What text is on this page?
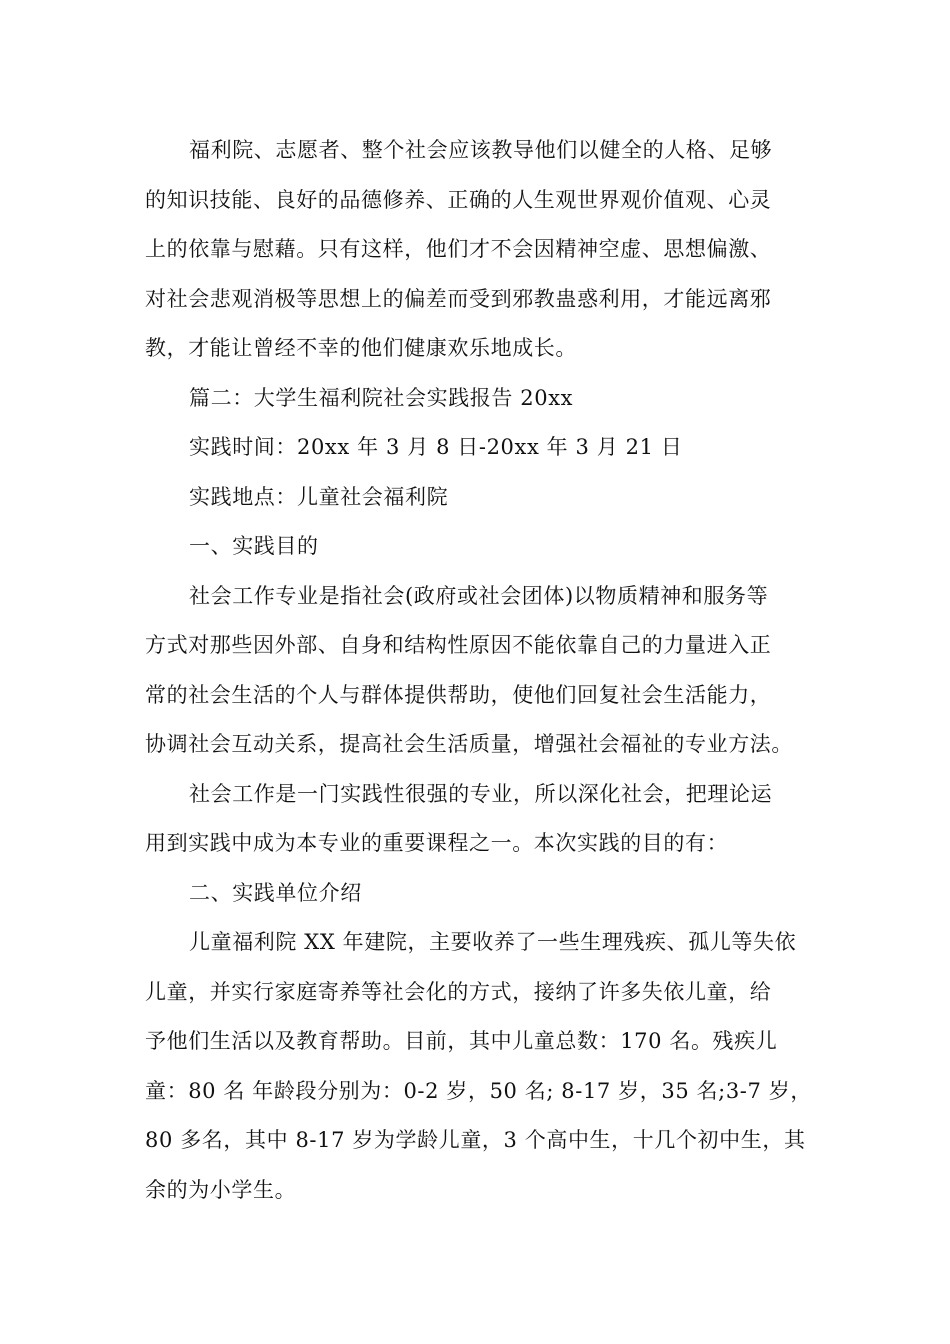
福利院、志愿者、整个社会应该教导他们以健全的人格、足够
的知识技能、良好的品德修养、正确的人生观世界观价值观、心灵
上的依靠与慰藉。只有这样，他们才不会因精神空虚、思想偏激、
对社会悲观消极等思想上的偏差而受到邪教蛊惑利用，才能远离邪
教，才能让曾经不幸的他们健康欢乐地成长。
篇二：大学生福利院社会实践报告 20xx
实践时间：20xx 年 3 月 8 日-20xx 年 3 月 21 日
实践地点：儿童社会福利院
一、实践目的
社会工作专业是指社会(政府或社会团体)以物质精神和服务等
方式对那些因外部、自身和结构性原因不能依靠自己的力量进入正
常的社会生活的个人与群体提供帮助，使他们回复社会生活能力，
协调社会互动关系，提高社会生活质量，增强社会福祉的专业方法。
社会工作是一门实践性很强的专业，所以深化社会，把理论运
用到实践中成为本专业的重要课程之一。本次实践的目的有：
二、实践单位介绍
儿童福利院 XX 年建院，主要收养了一些生理残疾、孤儿等失依
儿童，并实行家庭寄养等社会化的方式，接纳了许多失依儿童，给
予他们生活以及教育帮助。目前，其中儿童总数：170 名。残疾儿
童：80 名 年龄段分别为：0-2 岁，50 名; 8-17 岁，35 名;3-7 岁，
80 多名，其中 8-17 岁为学龄儿童，3 个高中生，十几个初中生，其
余的为小学生。
